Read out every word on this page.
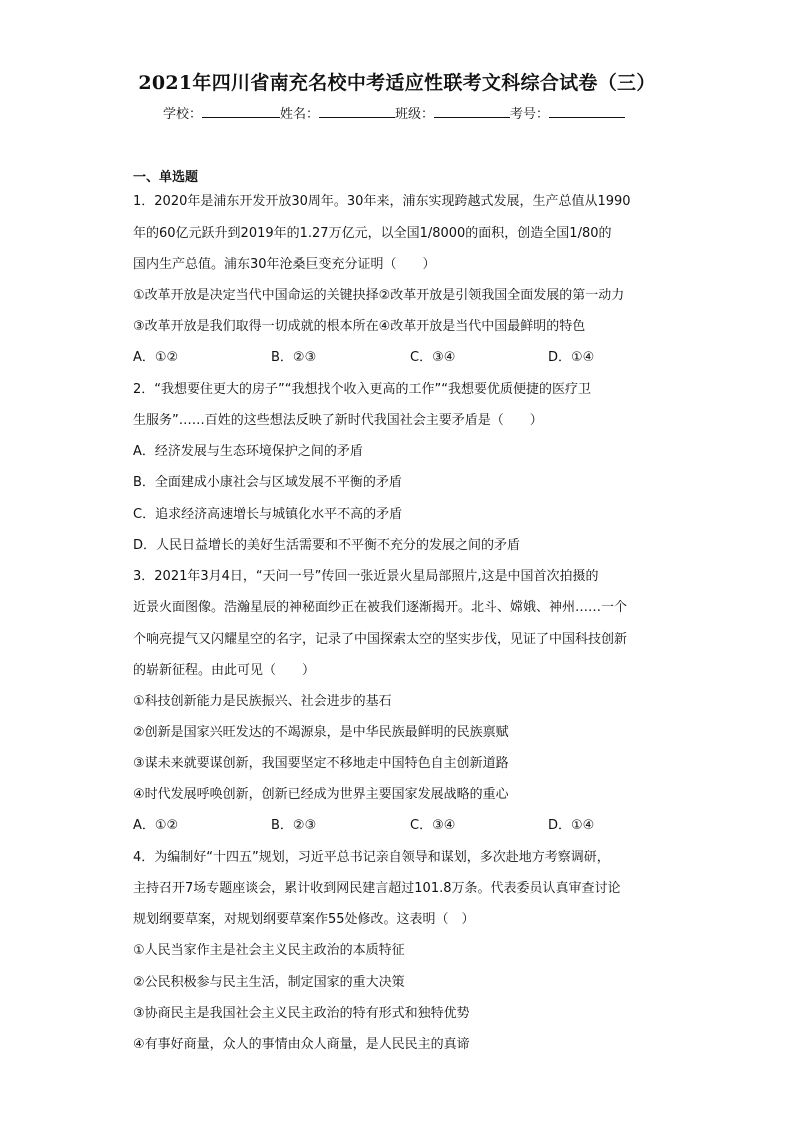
2021年四川省南充名校中考适应性联考文科综合试卷（三）
学校：	姓名：	班级：	考号：
一、单选题
1．2020年是浦东开发开放30周年。30年来，浦东实现跨越式发展，生产总值从1990
年的60亿元跃升到2019年的1.27万亿元，以全国1/8000的面积，创造全国1/80的
国内生产总值。浦东30年沧桑巨变充分证明（　　）
①改革开放是决定当代中国命运的关键抉择②改革开放是引领我国全面发展的第一动力
③改革开放是我们取得一切成就的根本所在④改革开放是当代中国最鲜明的特色
A．①②	B．②③	C．③④	D．①④
2．“我想要住更大的房子”“我想找个收入更高的工作”“我想要优质便捷的医疗卫
生服务”……百姓的这些想法反映了新时代我国社会主要矛盾是（　　）
A．经济发展与生态环境保护之间的矛盾
B．全面建成小康社会与区域发展不平衡的矛盾
C．追求经济高速增长与城镇化水平不高的矛盾
D．人民日益增长的美好生活需要和不平衡不充分的发展之间的矛盾
3．2021年3月4日，“天问一号”传回一张近景火星局部照片,这是中国首次拍摄的
近景火面图像。浩瀚星辰的神秘面纱正在被我们逐渐揭开。北斗、嫦娥、神州……一个
个响亮提气又闪耀星空的名字，记录了中国探索太空的坚实步伐，见证了中国科技创新
的崭新征程。由此可见（　　）
①科技创新能力是民族振兴、社会进步的基石
②创新是国家兴旺发达的不竭源泉，是中华民族最鲜明的民族禀赋
③谋未来就要谋创新，我国要坚定不移地走中国特色自主创新道路
④时代发展呼唤创新，创新已经成为世界主要国家发展战略的重心
A．①②	B．②③	C．③④	D．①④
4．为编制好“十四五”规划，习近平总书记亲自领导和谋划，多次赴地方考察调研，
主持召开7场专题座谈会，累计收到网民建言超过101.8万条。代表委员认真审查讨论
规划纲要草案，对规划纲要草案作55处修改。这表明（　）
①人民当家作主是社会主义民主政治的本质特征
②公民积极参与民主生活，制定国家的重大决策
③协商民主是我国社会主义民主政治的特有形式和独特优势
④有事好商量，众人的事情由众人商量，是人民民主的真谛
